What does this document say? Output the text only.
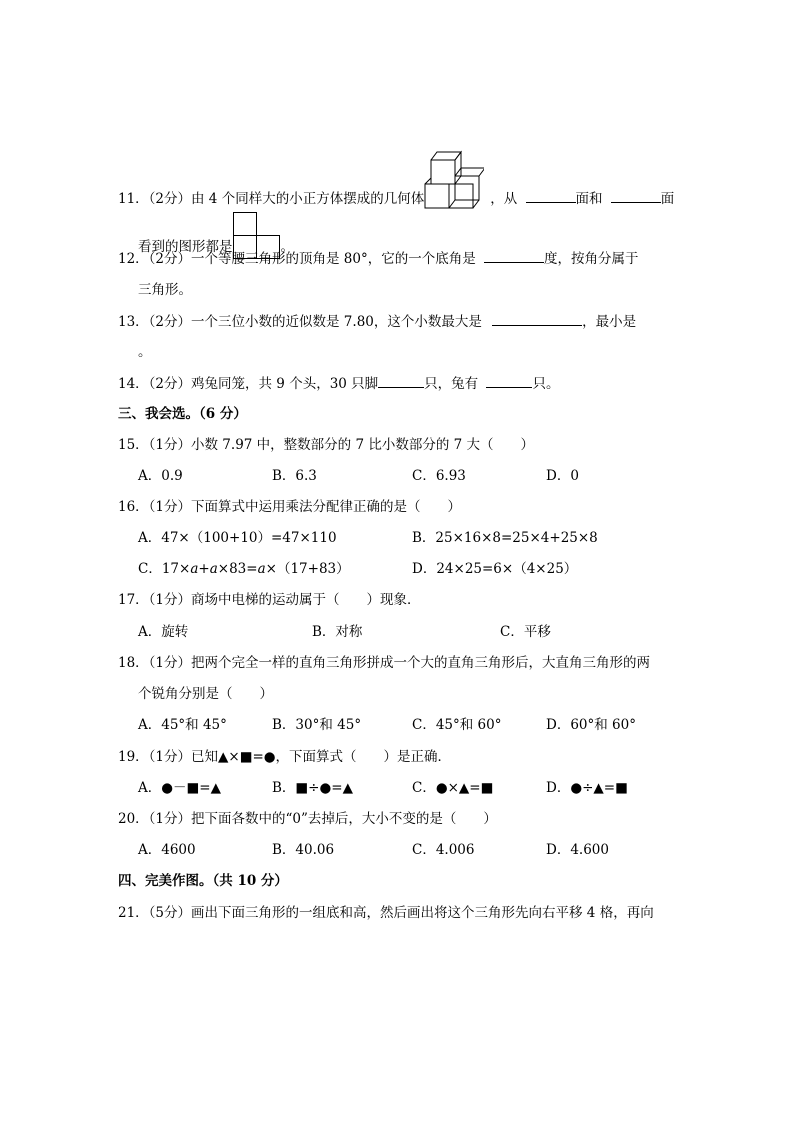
11．（2分）由 4 个同样大的小正方体摆成的几何体	，从	面和	面
看到的图形都是	。
12．（2分）一个等腰三角形的顶角是 80°，它的一个底角是	度，按角分属于
三角形。
13．（2分）一个三位小数的近似数是 7.80，这个小数最大是	，最小是
。
14．（2分）鸡兔同笼，共 9 个头，30 只脚	只，兔有	只。
三、我会选。（6 分）
15．（1分）小数 7.97 中，整数部分的 7 比小数部分的 7 大（　　）
A．0.9	B．6.3	C．6.93	D．0
16．（1分）下面算式中运用乘法分配律正确的是（　　）
A．47×（100+10）=47×110	B．25×16×8=25×4+25×8
C．17×a+a×83=a×（17+83）	D．24×25=6×（4×25）
17．（1分）商场中电梯的运动属于（　　）现象．
A．旋转	B．对称	C．平移
18．（1分）把两个完全一样的直角三角形拼成一个大的直角三角形后，大直角三角形的两
个锐角分别是（　　）
A．45°和 45°	B．30°和 45°	C．45°和 60°	D．60°和 60°
19．（1分）已知▲×■=●，下面算式（　　）是正确．
A．●－■=▲	B．■÷●=▲	C．●×▲=■	D．●÷▲=■
20．（1分）把下面各数中的“0”去掉后，大小不变的是（　　）
A．4600	B．40.06	C．4.006	D．4.600
四、完美作图。（共 10 分）
21．（5分）画出下面三角形的一组底和高，然后画出将这个三角形先向右平移 4 格，再向
